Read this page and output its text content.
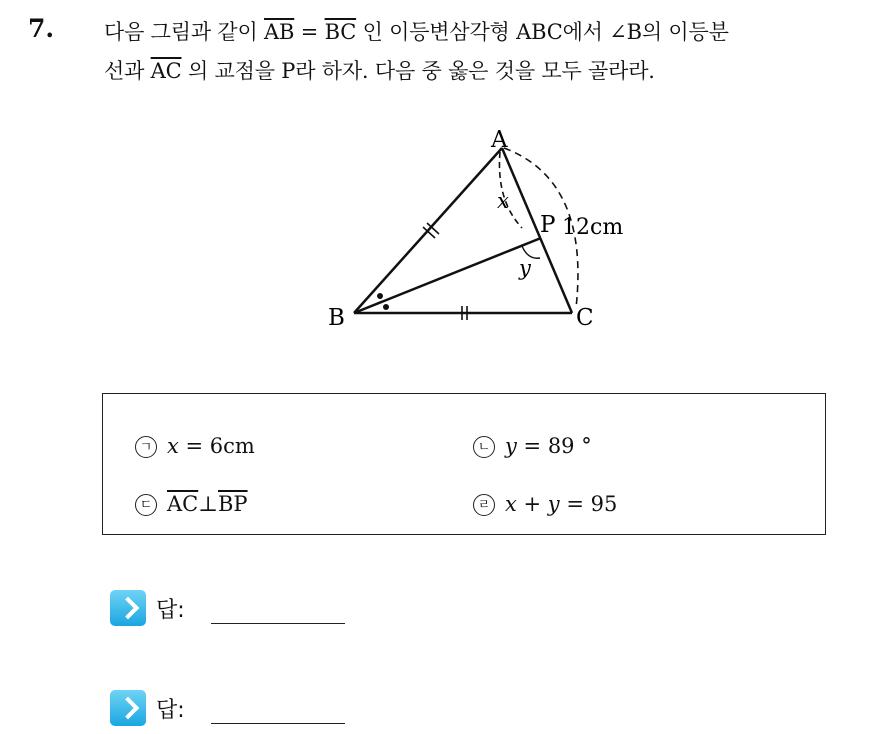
7. 다음 그림과 같이 $\overline{AB} = \overline{BC}$ 인 이등변삼각형 ABC에서 ∠B의 이등분
선과 $\overline{AC}$ 의 교점을 P라 하자. 다음 중 옳은 것을 모두 골라라.
A
B	C
P
x
y
12cm
ㄱ x = 6cm	ㄴ y = 89 °
ㄷ $\overline{AC}\perp\overline{BP}$	ㄹ x + y = 95
답:
답:
